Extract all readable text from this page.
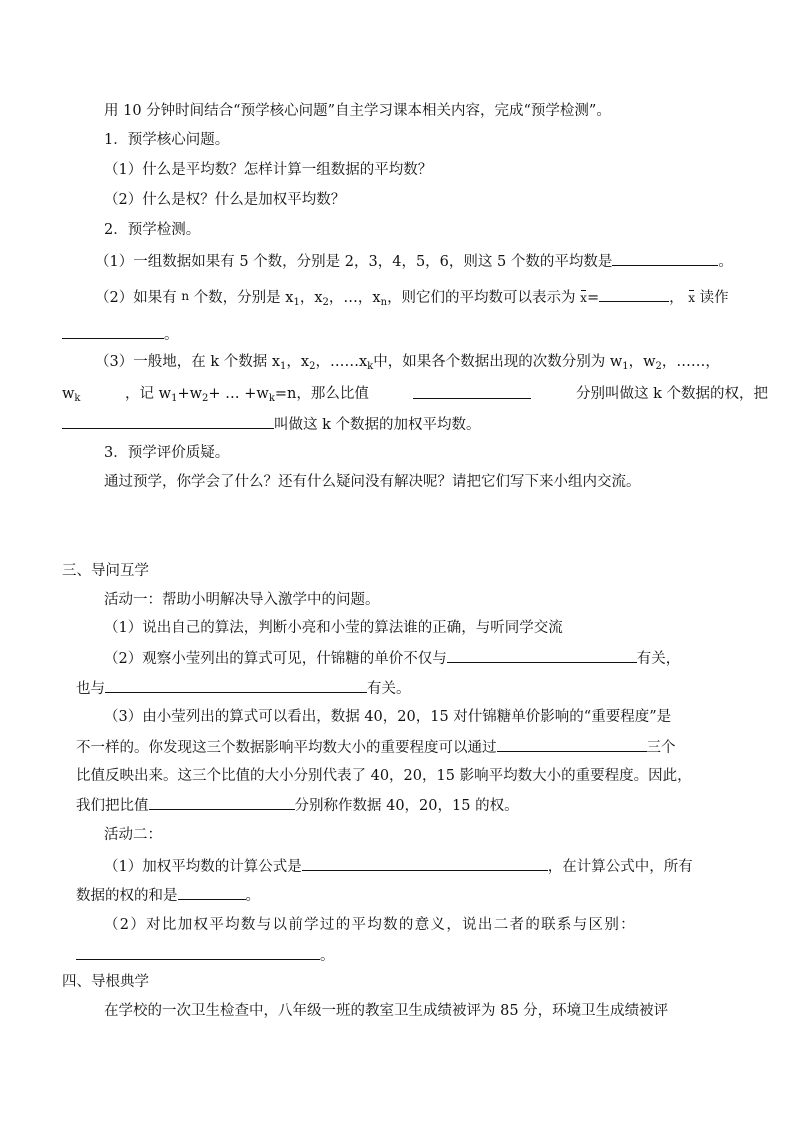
用 10 分钟时间结合“预学核心问题”自主学习课本相关内容，完成“预学检测”。
1．预学核心问题。
（1）什么是平均数？怎样计算一组数据的平均数？
（2）什么是权？什么是加权平均数？
2．预学检测。
（1）一组数据如果有 5 个数，分别是 2，3，4，5，6，则这 5 个数的平均数是	。
（2）如果有 n 个数，分别是 $x_1$，$x_2$，…，$x_n$，则它们的平均数可以表示为 x=	， x 读作
。
（3）一般地，在 k 个数据 $x_1$，$x_2$，$\dots\dots x_k$中，如果各个数据出现的次数分别为 $w_1$，$w_2$，……，
$w_k$	，记 $w_1+w_2+$ … $+w_k=n$，那么比值	分别叫做这 k 个数据的权，把
叫做这 k 个数据的加权平均数。
3．预学评价质疑。
通过预学，你学会了什么？还有什么疑问没有解决呢？请把它们写下来小组内交流。
三、导问互学
活动一：帮助小明解决导入激学中的问题。
（1）说出自己的算法，判断小亮和小莹的算法谁的正确，与听同学交流
（2）观察小莹列出的算式可见，什锦糖的单价不仅与	有关，
也与	有关。
（3）由小莹列出的算式可以看出，数据 40，20，15 对什锦糖单价影响的“重要程度”是
不一样的。你发现这三个数据影响平均数大小的重要程度可以通过	三个
比值反映出来。这三个比值的大小分别代表了 40，20，15 影响平均数大小的重要程度。因此，
我们把比值	分别称作数据 40，20，15 的权。
活动二：
（1）加权平均数的计算公式是	，在计算公式中，所有
数据的权的和是	。
（2）对比加权平均数与以前学过的平均数的意义，说出二者的联系与区别：
。
四、导根典学
在学校的一次卫生检查中，八年级一班的教室卫生成绩被评为 85 分，环境卫生成绩被评
